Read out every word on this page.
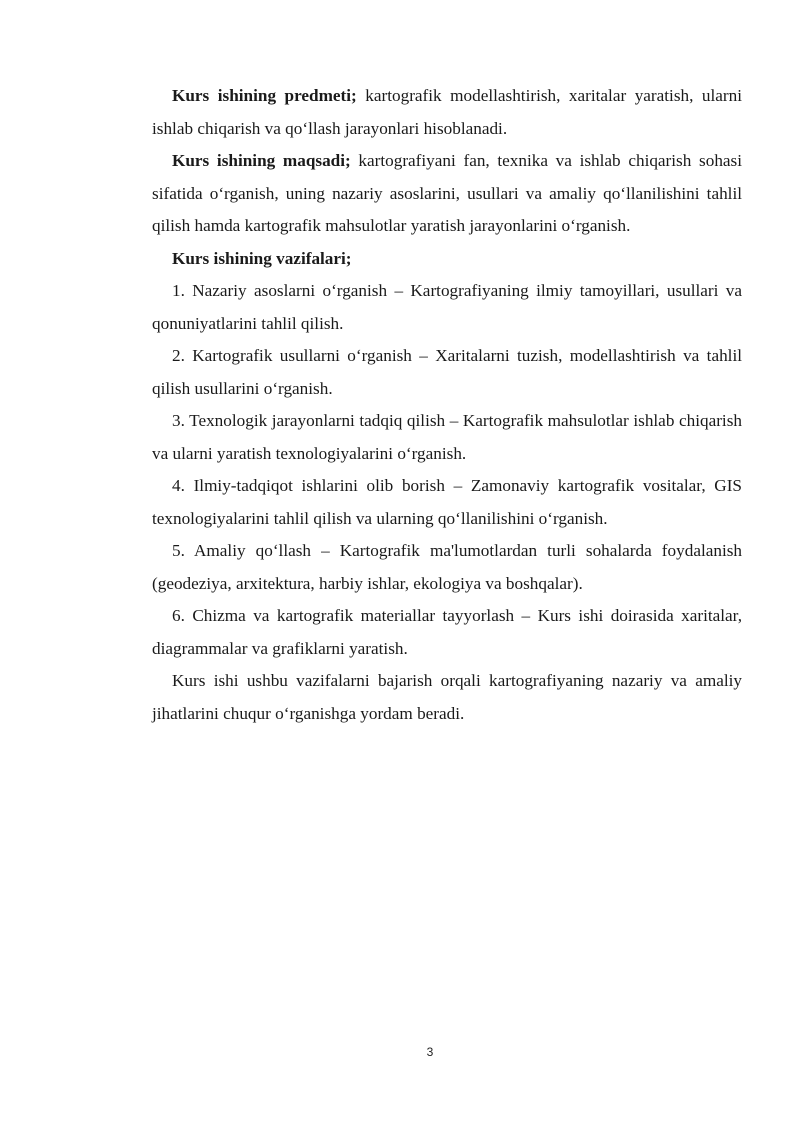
Kurs ishining predmeti; kartografik modellashtirish, xaritalar yaratish, ularni ishlab chiqarish va qo‘llash jarayonlari hisoblanadi.

Kurs ishining maqsadi; kartografiyani fan, texnika va ishlab chiqarish sohasi sifatida o‘rganish, uning nazariy asoslarini, usullari va amaliy qo‘llanilishini tahlil qilish hamda kartografik mahsulotlar yaratish jarayonlarini o‘rganish.

Kurs ishining vazifalari;

1. Nazariy asoslarni o‘rganish – Kartografiyaning ilmiy tamoyillari, usullari va qonuniyatlarini tahlil qilish.

2. Kartografik usullarni o‘rganish – Xaritalarni tuzish, modellashtirish va tahlil qilish usullarini o‘rganish.

3. Texnologik jarayonlarni tadqiq qilish – Kartografik mahsulotlar ishlab chiqarish va ularni yaratish texnologiyalarini o‘rganish.

4. Ilmiy-tadqiqot ishlarini olib borish – Zamonaviy kartografik vositalar, GIS texnologiyalarini tahlil qilish va ularning qo‘llanilishini o‘rganish.

5. Amaliy qo‘llash – Kartografik ma'lumotlardan turli sohalarda foydalanish (geodeziya, arxitektura, harbiy ishlar, ekologiya va boshqalar).

6. Chizma va kartografik materiallar tayyorlash – Kurs ishi doirasida xaritalar, diagrammalar va grafiklarni yaratish.

Kurs ishi ushbu vazifalarni bajarish orqali kartografiyaning nazariy va amaliy jihatlarini chuqur o‘rganishga yordam beradi.

3
